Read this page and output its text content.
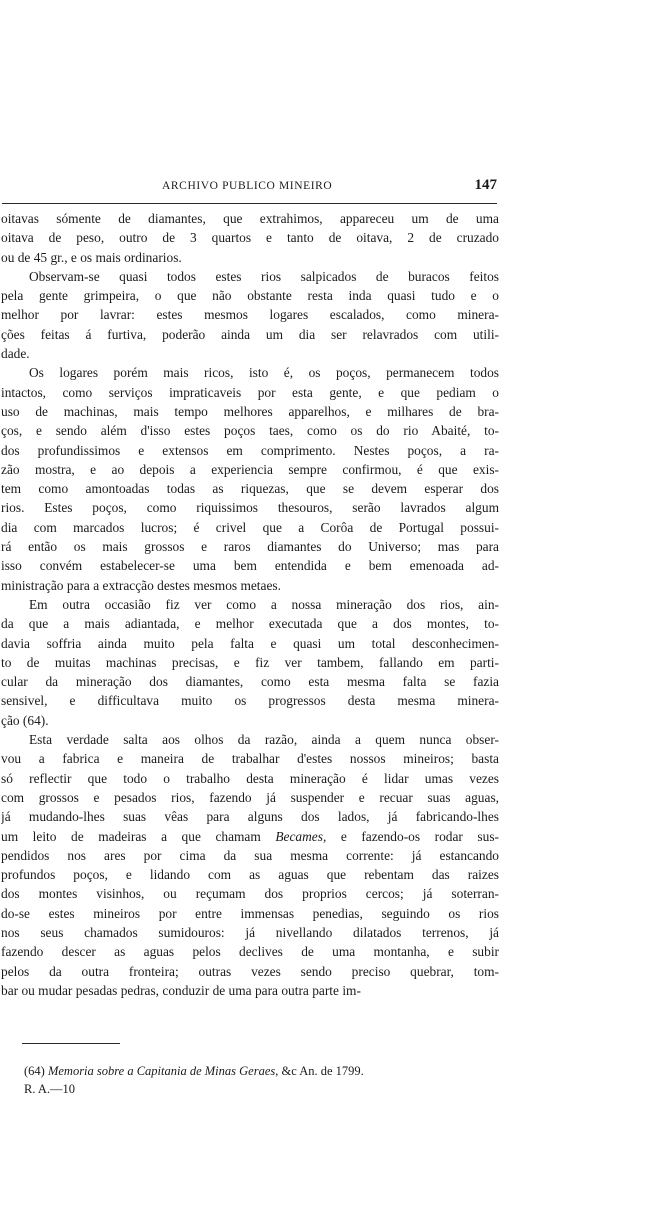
ARCHIVO PUBLICO MINEIRO	147
oitavas sómente de diamantes, que extrahimos, appareceu um de uma
oitava de peso, outro de 3 quartos e tanto de oitava, 2 de cruzado
ou de 45 gr., e os mais ordinarios.
Observam-se quasi todos estes rios salpicados de buracos feitos
pela gente grimpeira, o que não obstante resta inda quasi tudo e o
melhor por lavrar: estes mesmos logares escalados, como minera-
ções feitas á furtiva, poderão ainda um dia ser relavrados com utili-
dade.
Os logares porém mais ricos, isto é, os poços, permanecem todos
intactos, como serviços impraticaveis por esta gente, e que pediam o
uso de machinas, mais tempo melhores apparelhos, e milhares de bra-
ços, e sendo além d'isso estes poços taes, como os do rio Abaité, to-
dos profundissimos e extensos em comprimento. Nestes poços, a ra-
zão mostra, e ao depois a experiencia sempre confirmou, é que exis-
tem como amontoadas todas as riquezas, que se devem esperar dos
rios. Estes poços, como riquissimos thesouros, serão lavrados algum
dia com marcados lucros; é crivel que a Corôa de Portugal possui-
rá então os mais grossos e raros diamantes do Universo; mas para
isso convém estabelecer-se uma bem entendida e bem emenoada ad-
ministração para a extracção destes mesmos metaes.
Em outra occasião fiz ver como a nossa mineração dos rios, ain-
da que a mais adiantada, e melhor executada que a dos montes, to-
davia soffria ainda muito pela falta e quasi um total desconhecimen-
to de muitas machinas precisas, e fiz ver tambem, fallando em parti-
cular da mineração dos diamantes, como esta mesma falta se fazia
sensivel, e difficultava muito os progressos desta mesma minera-
ção (64).
Esta verdade salta aos olhos da razão, ainda a quem nunca obser-
vou a fabrica e maneira de trabalhar d'estes nossos mineiros; basta
só reflectir que todo o trabalho desta mineração é lidar umas vezes
com grossos e pesados rios, fazendo já suspender e recuar suas aguas,
já mudando-lhes suas vêas para alguns dos lados, já fabricando-lhes
um leito de madeiras a que chamam Becames, e fazendo-os rodar sus-
pendidos nos ares por cima da sua mesma corrente: já estancando
profundos poços, e lidando com as aguas que rebentam das raizes
dos montes visinhos, ou reçumam dos proprios cercos; já soterran-
do-se estes mineiros por entre immensas penedias, seguindo os rios
nos seus chamados sumidouros: já nivellando dilatados terrenos, já
fazendo descer as aguas pelos declives de uma montanha, e subir
pelos da outra fronteira; outras vezes sendo preciso quebrar, tom-
bar ou mudar pesadas pedras, conduzir de uma para outra parte im-
(64) Memoria sobre a Capitania de Minas Geraes, &c An. de 1799.
R. A.—10
